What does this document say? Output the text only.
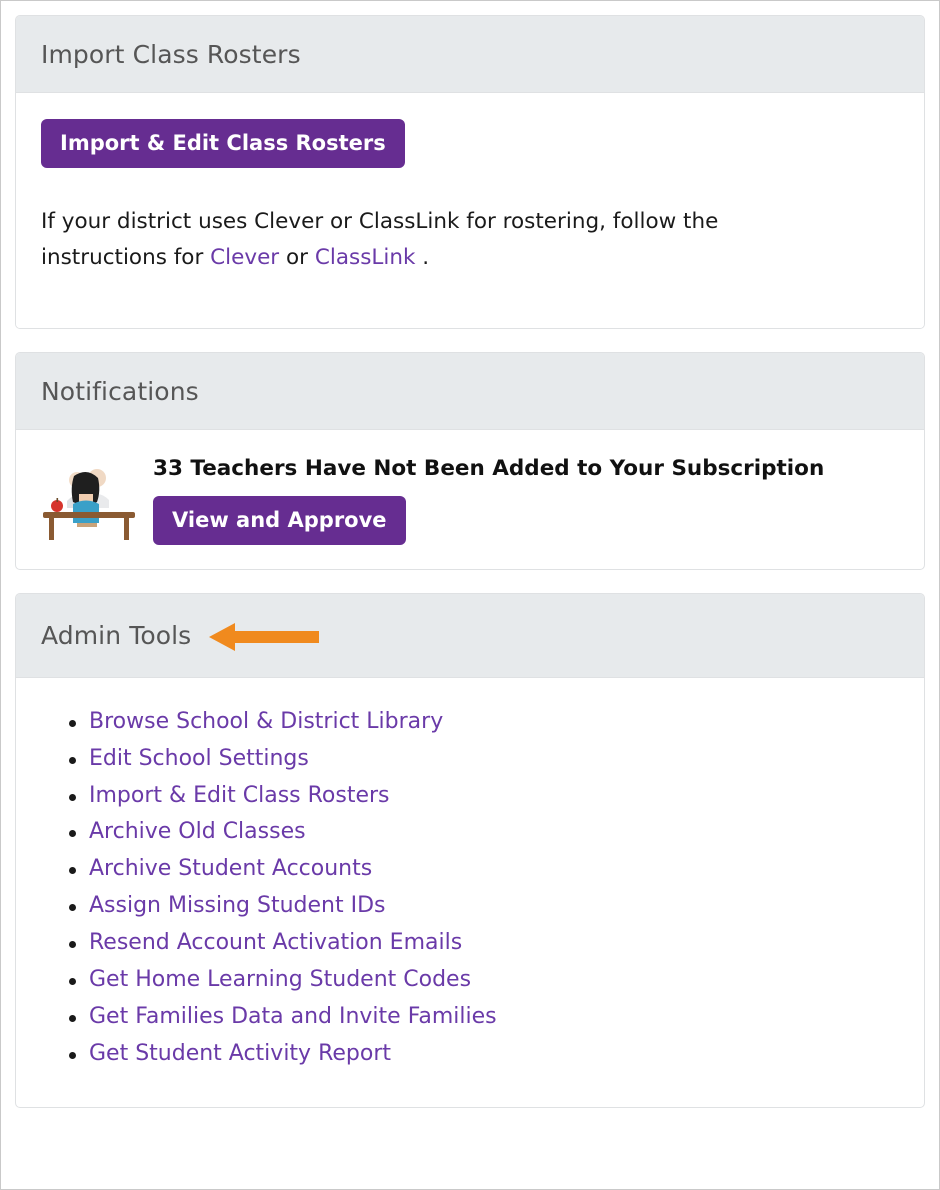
Import Class Rosters
Import & Edit Class Rosters

If your district uses Clever or ClassLink for rostering, follow the instructions for Clever or ClassLink .

Notifications
33 Teachers Have Not Been Added to Your Subscription
View and Approve
Admin Tools
Browse School & District Library
Edit School Settings
Import & Edit Class Rosters
Archive Old Classes
Archive Student Accounts
Assign Missing Student IDs
Resend Account Activation Emails
Get Home Learning Student Codes
Get Families Data and Invite Families
Get Student Activity Report
